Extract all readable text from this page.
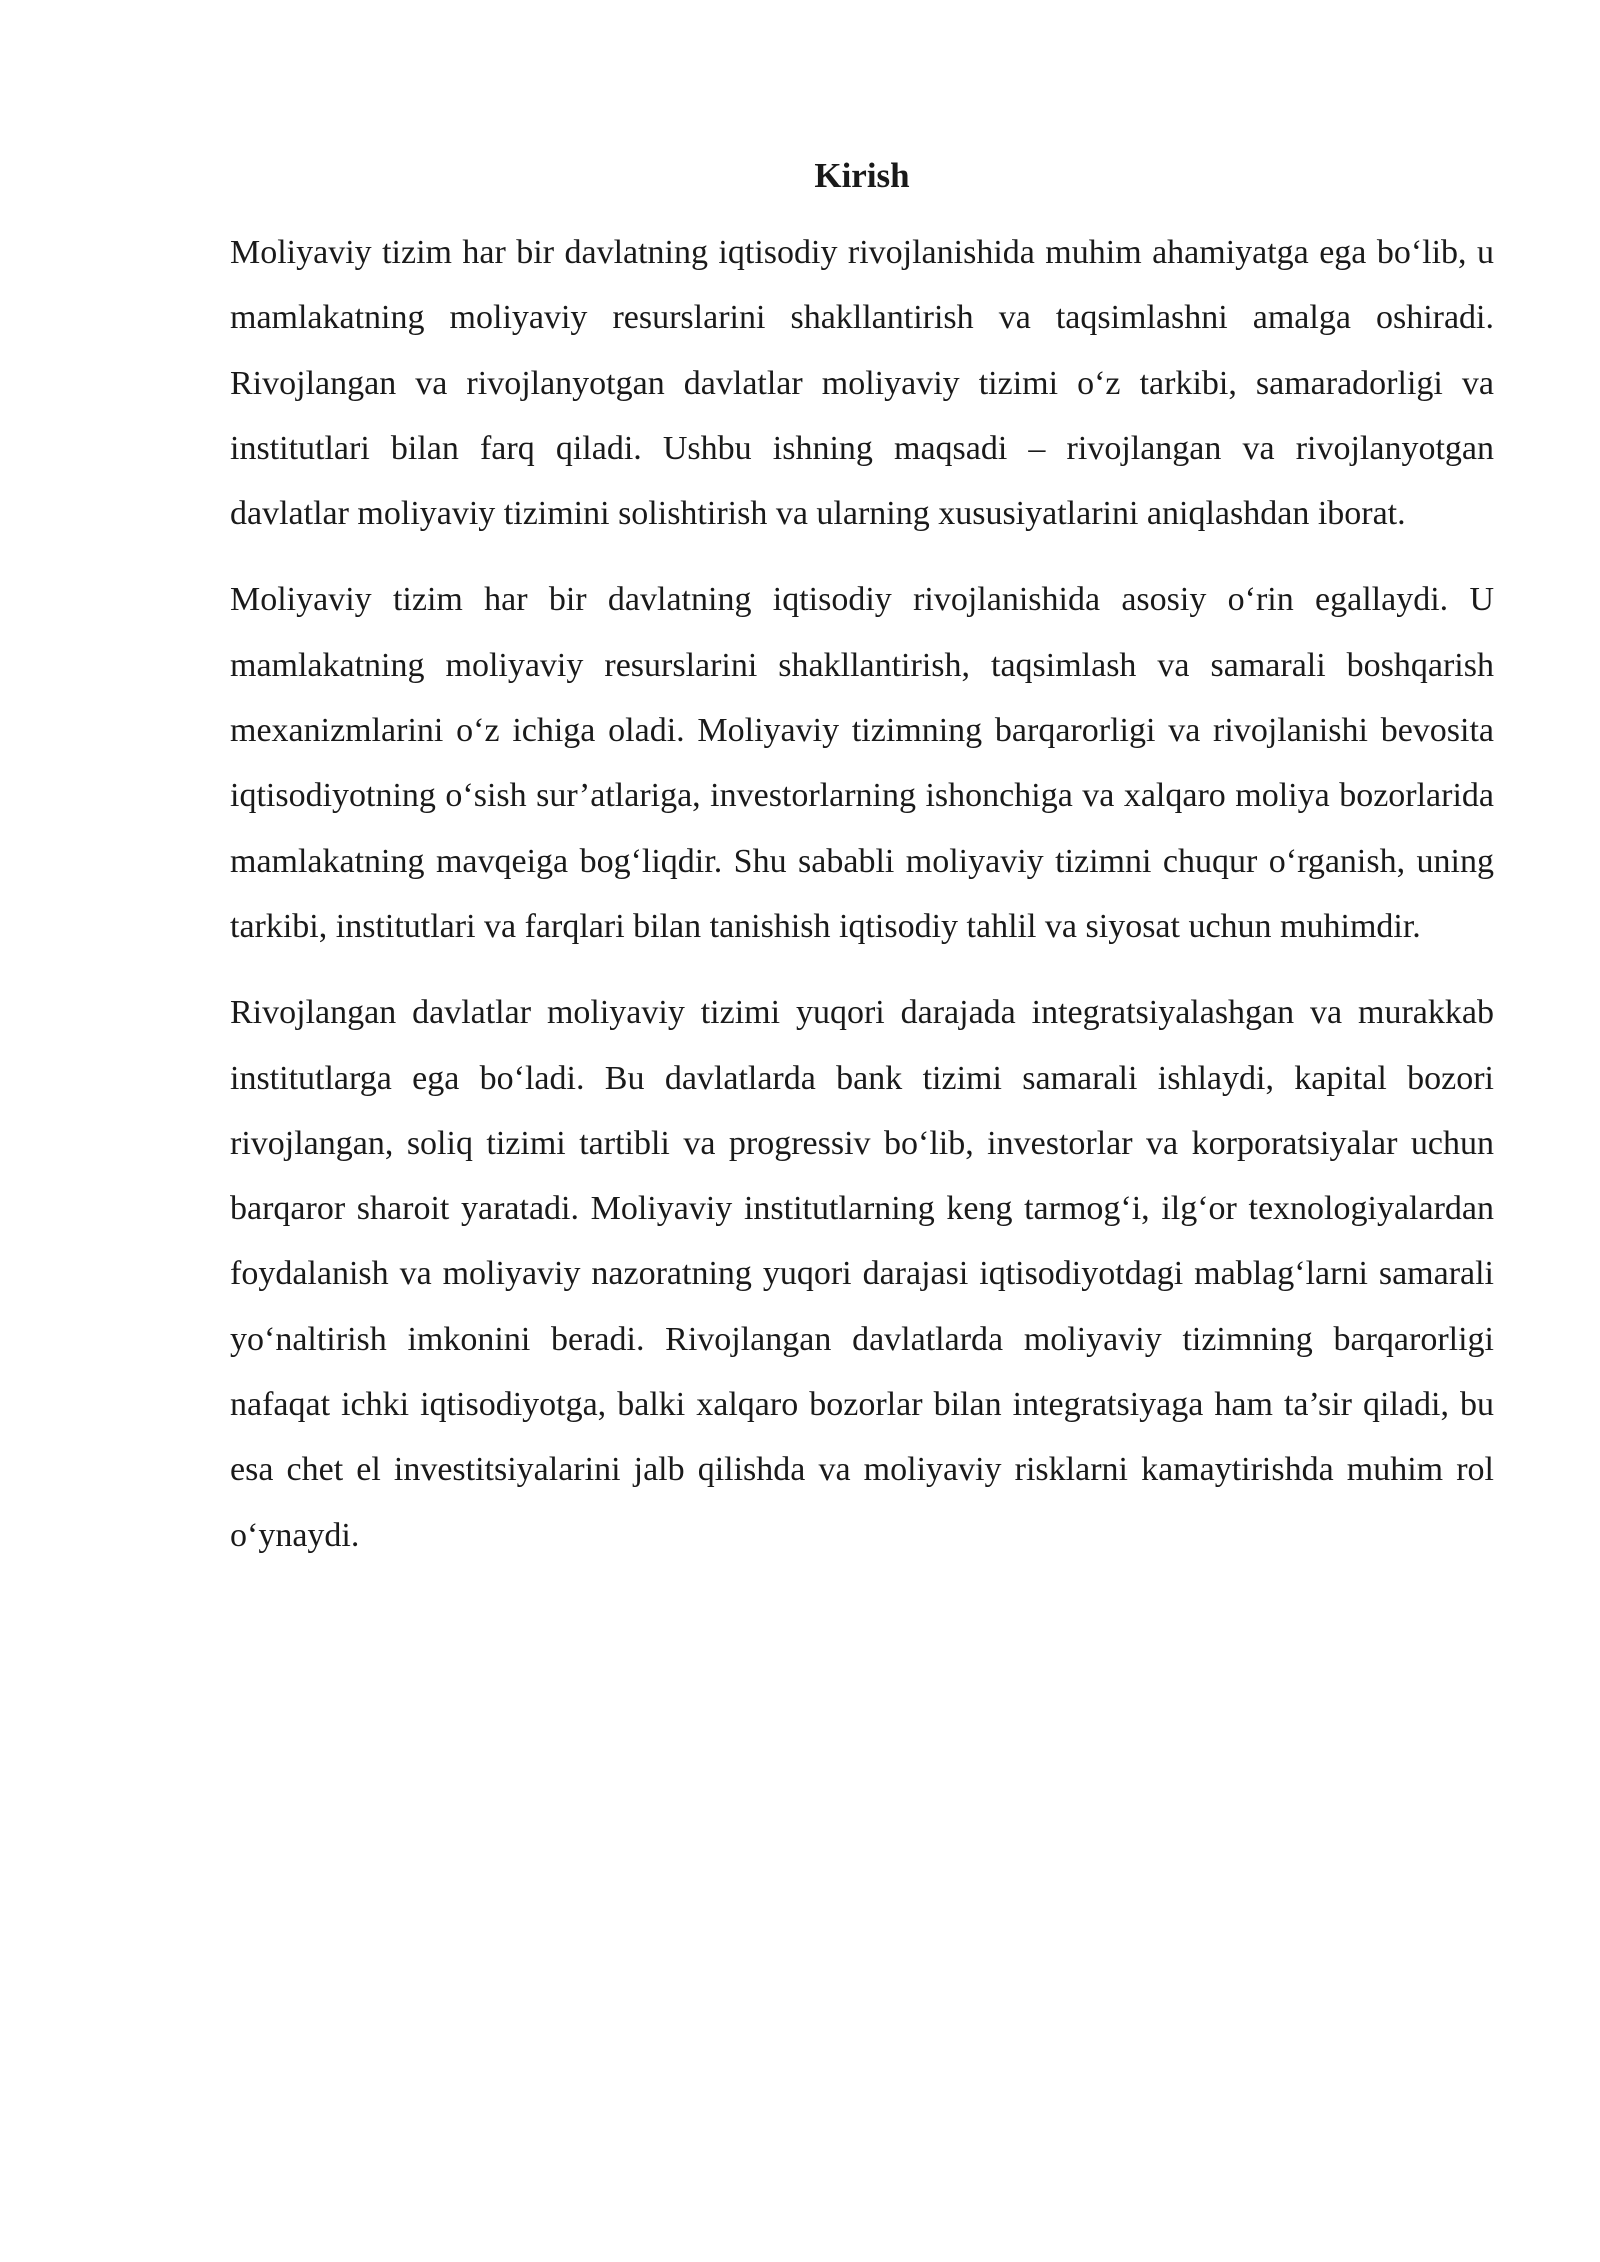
Kirish

Moliyaviy tizim har bir davlatning iqtisodiy rivojlanishida muhim ahamiyatga ega bo‘lib, u mamlakatning moliyaviy resurslarini shakllantirish va taqsimlashni amalga oshiradi. Rivojlangan va rivojlanyotgan davlatlar moliyaviy tizimi o‘z tarkibi, samaradorligi va institutlari bilan farq qiladi. Ushbu ishning maqsadi – rivojlangan va rivojlanyotgan davlatlar moliyaviy tizimini solishtirish va ularning xususiyatlarini aniqlashdan iborat.

Moliyaviy tizim har bir davlatning iqtisodiy rivojlanishida asosiy o‘rin egallaydi. U mamlakatning moliyaviy resurslarini shakllantirish, taqsimlash va samarali boshqarish mexanizmlarini o‘z ichiga oladi. Moliyaviy tizimning barqarorligi va rivojlanishi bevosita iqtisodiyotning o‘sish sur’atlariga, investorlarning ishonchiga va xalqaro moliya bozorlarida mamlakatning mavqeiga bog‘liqdir. Shu sababli moliyaviy tizimni chuqur o‘rganish, uning tarkibi, institutlari va farqlari bilan tanishish iqtisodiy tahlil va siyosat uchun muhimdir.

Rivojlangan davlatlar moliyaviy tizimi yuqori darajada integratsiyalashgan va murakkab institutlarga ega bo‘ladi. Bu davlatlarda bank tizimi samarali ishlaydi, kapital bozori rivojlangan, soliq tizimi tartibli va progressiv bo‘lib, investorlar va korporatsiyalar uchun barqaror sharoit yaratadi. Moliyaviy institutlarning keng tarmog‘i, ilg‘or texnologiyalardan foydalanish va moliyaviy nazoratning yuqori darajasi iqtisodiyotdagi mablag‘larni samarali yo‘naltirish imkonini beradi. Rivojlangan davlatlarda moliyaviy tizimning barqarorligi nafaqat ichki iqtisodiyotga, balki xalqaro bozorlar bilan integratsiyaga ham ta’sir qiladi, bu esa chet el investitsiyalarini jalb qilishda va moliyaviy risklarni kamaytirishda muhim rol o‘ynaydi.
